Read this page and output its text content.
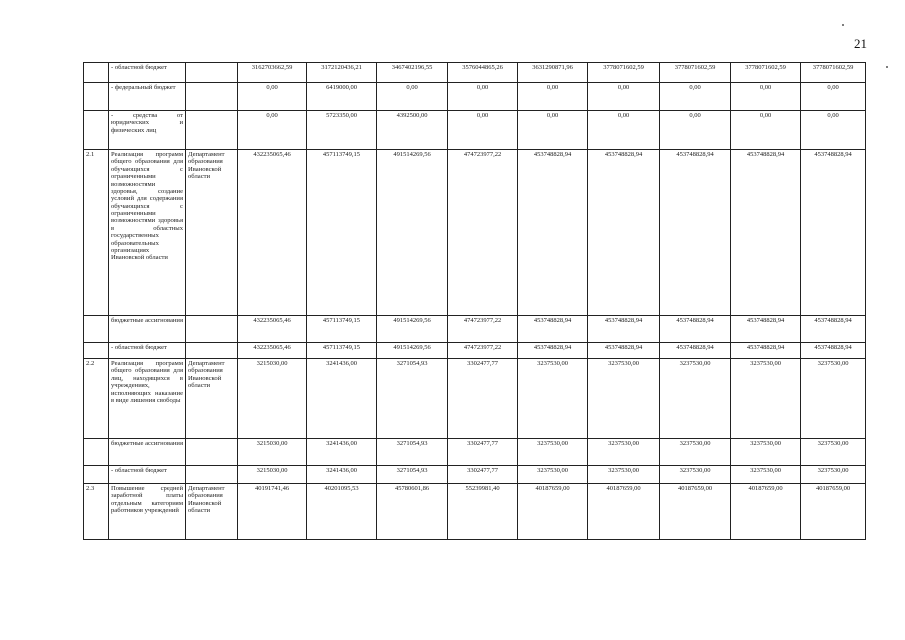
21
	- областной бюджет		3162703662,59	3172120436,21	3467402196,55	3576044865,26	3631290871,96	3778071602,59	3778071602,59	3778071602,59	3778071602,59
	- федеральный бюджет		0,00	6419000,00	0,00	0,00	0,00	0,00	0,00	0,00	0,00
	- средства от юридических и физических лиц		0,00	5723350,00	4392500,00	0,00	0,00	0,00	0,00	0,00	0,00
2.1	Реализация программ общего образования для обучающихся с ограниченными возможностями здоровья, создание условий для содержания обучающихся с ограниченными возможностями здоровья в областных государственных образовательных организациях Ивановской области	Департамент образования Ивановской области	432235065,46	457113749,15	491514269,56	474723977,22	453748828,94	453748828,94	453748828,94	453748828,94	453748828,94
	бюджетные ассигнования		432235065,46	457113749,15	491514269,56	474723977,22	453748828,94	453748828,94	453748828,94	453748828,94	453748828,94
	- областной бюджет		432235065,46	457113749,15	491514269,56	474723977,22	453748828,94	453748828,94	453748828,94	453748828,94	453748828,94
2.2	Реализация программ общего образования для лиц, находящихся в учреждениях, исполняющих наказание в виде лишения свободы	Департамент образования Ивановской области	3215030,00	3241436,00	3271054,93	3302477,77	3237530,00	3237530,00	3237530,00	3237530,00	3237530,00
	бюджетные ассигнования		3215030,00	3241436,00	3271054,93	3302477,77	3237530,00	3237530,00	3237530,00	3237530,00	3237530,00
	- областной бюджет		3215030,00	3241436,00	3271054,93	3302477,77	3237530,00	3237530,00	3237530,00	3237530,00	3237530,00
2.3	Повышение средней заработной платы отдельным категориям работников учреждений	Департамент образования Ивановской области	40191741,46	40201095,53	45780601,86	55239981,40	40187659,00	40187659,00	40187659,00	40187659,00	40187659,00
